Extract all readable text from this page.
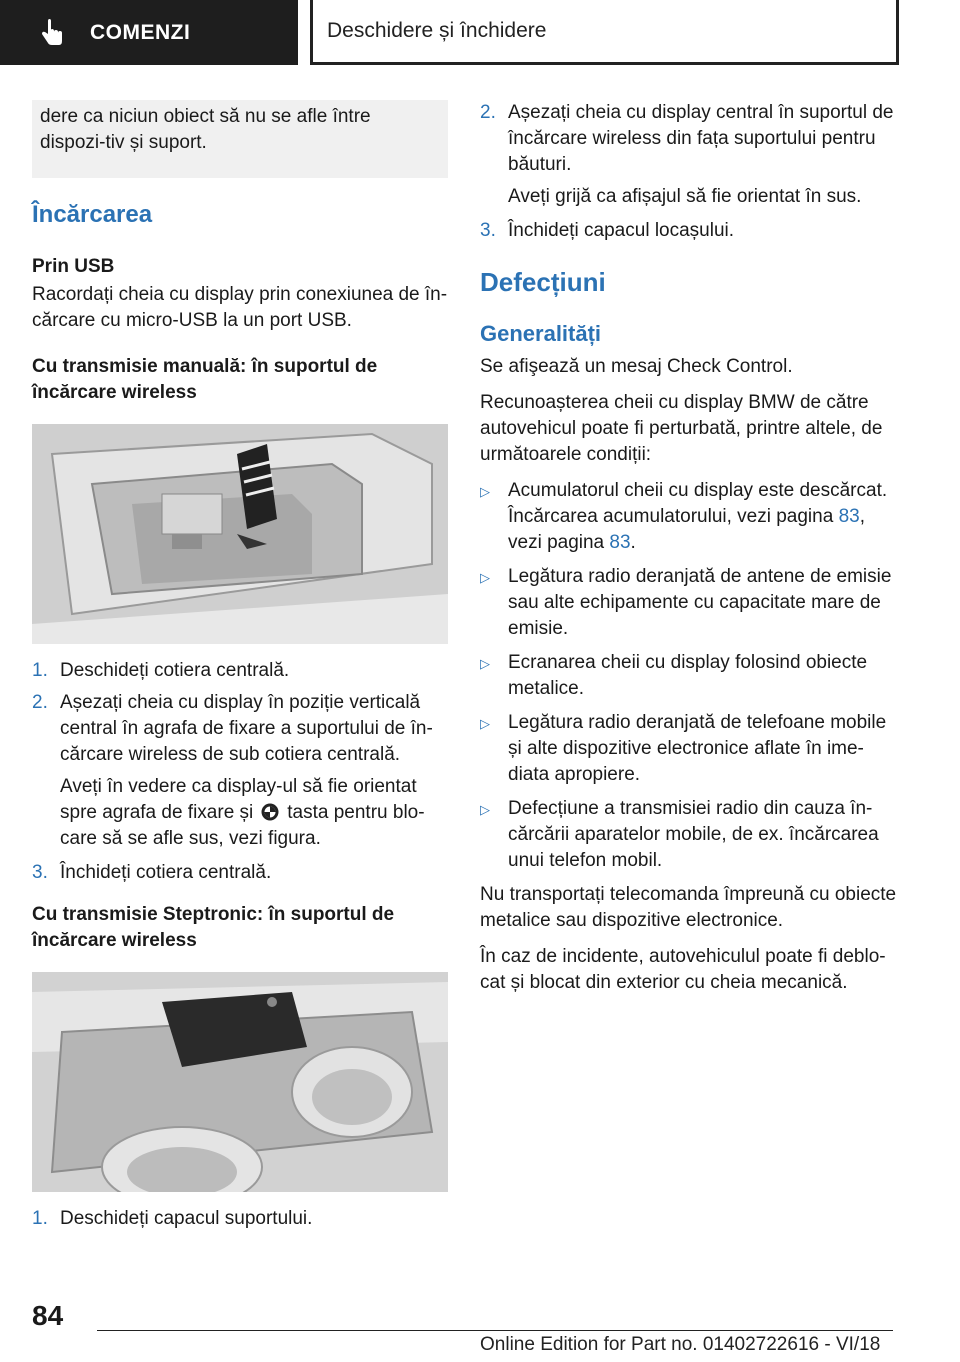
COMENZI	Deschidere și închidere
dere ca niciun obiect să nu se afle între dispozi-tiv și suport.
Încărcarea
Prin USB

Racordați cheia cu display prin conexiunea de în-cărcare cu micro-USB la un port USB.

Cu transmisie manuală: în suportul de încărcare wireless
1. Deschideți cotiera centrală.
2. Așezați cheia cu display în poziție verticală central în agrafa de fixare a suportului de în-cărcare wireless de sub cotiera centrală.
Aveți în vedere ca display-ul să fie orientat spre agrafa de fixare și tasta pentru blo-care să se afle sus, vezi figura.
3. Închideți cotiera centrală.
Cu transmisie Steptronic: în suportul de încărcare wireless
1. Deschideți capacul suportului.
2. Așezați cheia cu display central în suportul de încărcare wireless din fața suportului pentru băuturi.
Aveți grijă ca afișajul să fie orientat în sus.
3. Închideți capacul locașului.
Defecțiuni
Generalități

Se afişează un mesaj Check Control.

Recunoașterea cheii cu display BMW de către autovehicul poate fi perturbată, printre altele, de următoarele condiții:

▷ Acumulatorul cheii cu display este descărcat. Încărcarea acumulatorului, vezi pagina 83, vezi pagina 83.
▷ Legătura radio deranjată de antene de emisie sau alte echipamente cu capacitate mare de emisie.
▷ Ecranarea cheii cu display folosind obiecte metalice.
▷ Legătura radio deranjată de telefoane mobile și alte dispozitive electronice aflate în ime-diata apropiere.
▷ Defecțiune a transmisiei radio din cauza în-cărcării aparatelor mobile, de ex. încărcarea unui telefon mobil.

Nu transportați telecomanda împreună cu obiecte metalice sau dispozitive electronice.

În caz de incidente, autovehiculul poate fi deblo-cat și blocat din exterior cu cheia mecanică.

84
Online Edition for Part no. 01402722616 - VI/18
